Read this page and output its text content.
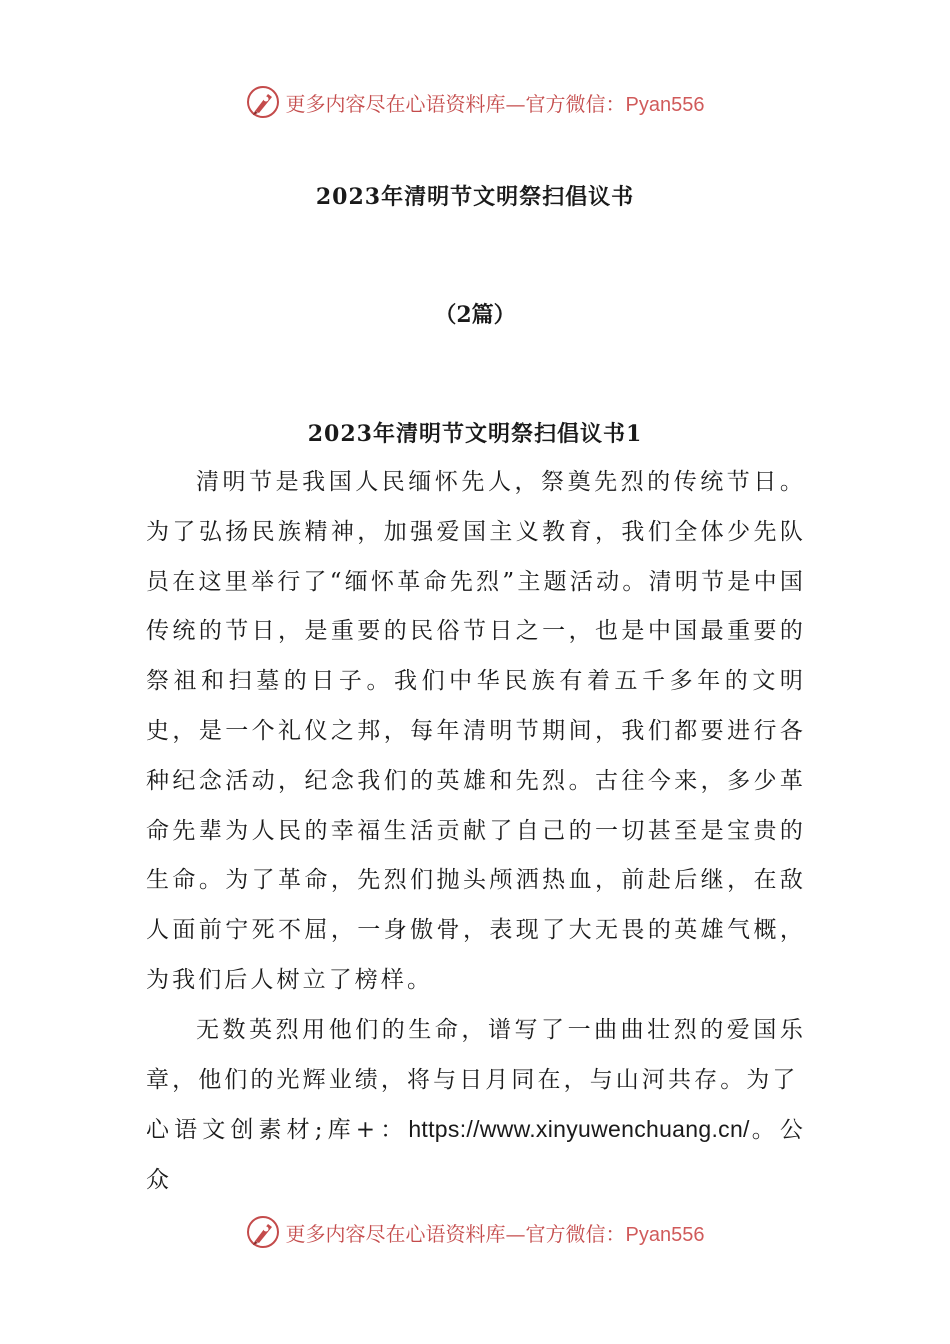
更多内容尽在心语资料库—官方微信：Pyan556
2023年清明节文明祭扫倡议书
（2篇）
2023年清明节文明祭扫倡议书1

清明节是我国人民缅怀先人，祭奠先烈的传统节日。为了弘扬民族精神，加强爱国主义教育，我们全体少先队员在这里举行了“缅怀革命先烈”主题活动。清明节是中国传统的节日，是重要的民俗节日之一，也是中国最重要的祭祖和扫墓的日子。我们中华民族有着五千多年的文明史，是一个礼仪之邦，每年清明节期间，我们都要进行各种纪念活动，纪念我们的英雄和先烈。古往今来，多少革命先辈为人民的幸福生活贡献了自己的一切甚至是宝贵的生命。为了革命，先烈们抛头颅洒热血，前赴后继，在敌人面前宁死不屈，一身傲骨，表现了大无畏的英雄气概，为我们后人树立了榜样。

无数英烈用他们的生命，谱写了一曲曲壮烈的爱国乐章，他们的光辉业绩，将与日月同在，与山河共存。为了

心语文创素材;库+：https://www.xinyuwenchuang.cn/。公众

更多内容尽在心语资料库—官方微信：Pyan556
